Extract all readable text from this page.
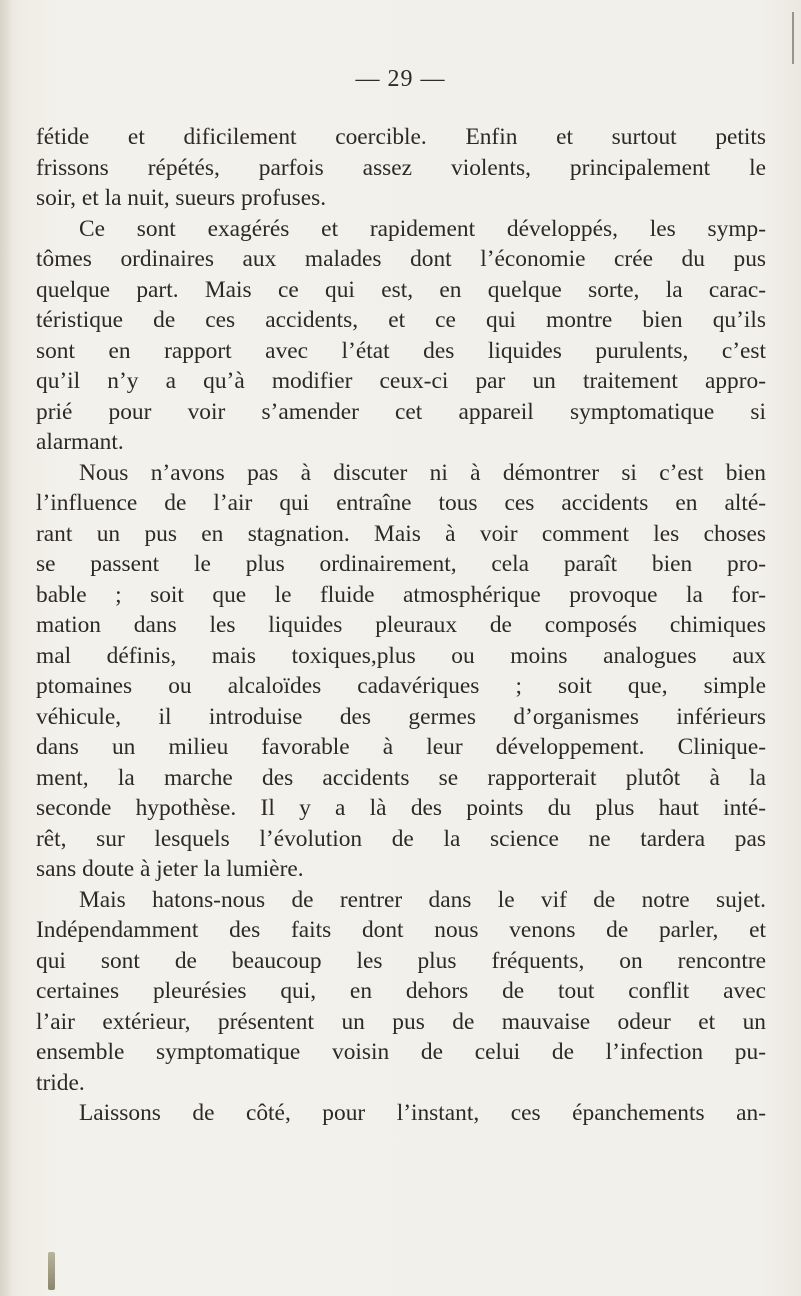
— 29 —
fétide et dificilement coercible. Enfin et surtout petits
frissons répétés, parfois assez violents, principalement le
soir, et la nuit, sueurs profuses.
Ce sont exagérés et rapidement développés, les symp-
tômes ordinaires aux malades dont l’économie crée du pus
quelque part. Mais ce qui est, en quelque sorte, la carac-
téristique de ces accidents, et ce qui montre bien qu’ils
sont en rapport avec l’état des liquides purulents, c’est
qu’il n’y a qu’à modifier ceux-ci par un traitement appro-
prié pour voir s’amender cet appareil symptomatique si
alarmant.
Nous n’avons pas à discuter ni à démontrer si c’est bien
l’influence de l’air qui entraîne tous ces accidents en alté-
rant un pus en stagnation. Mais à voir comment les choses
se passent le plus ordinairement, cela paraît bien pro-
bable ; soit que le fluide atmosphérique provoque la for-
mation dans les liquides pleuraux de composés chimiques
mal définis, mais toxiques,plus ou moins analogues aux
ptomaines ou alcaloïdes cadavériques ; soit que, simple
véhicule, il introduise des germes d’organismes inférieurs
dans un milieu favorable à leur développement. Clinique-
ment, la marche des accidents se rapporterait plutôt à la
seconde hypothèse. Il y a là des points du plus haut inté-
rêt, sur lesquels l’évolution de la science ne tardera pas
sans doute à jeter la lumière.
Mais hatons-nous de rentrer dans le vif de notre sujet.
Indépendamment des faits dont nous venons de parler, et
qui sont de beaucoup les plus fréquents, on rencontre
certaines pleurésies qui, en dehors de tout conflit avec
l’air extérieur, présentent un pus de mauvaise odeur et un
ensemble symptomatique voisin de celui de l’infection pu-
tride.
Laissons de côté, pour l’instant, ces épanchements an-
